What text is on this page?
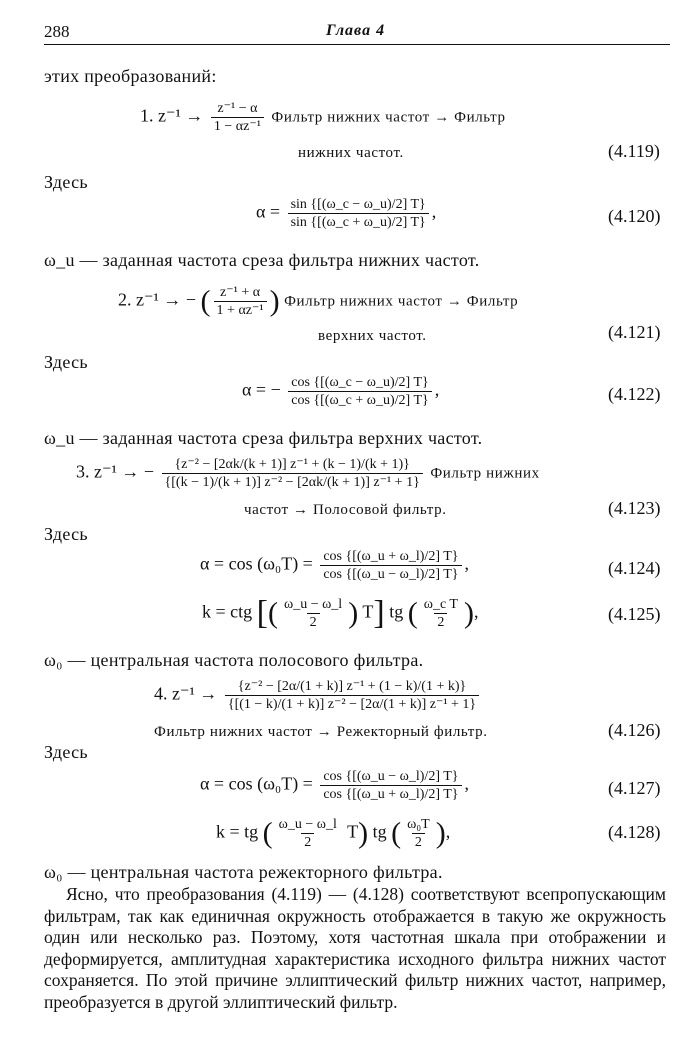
288	Глава 4
этих преобразований:
1. $z^{-1} \to \frac{\text{z⁻¹ − α}}{\text{1 − αz⁻¹}}$ Фильтр нижних частот → Фильтр
нижних частот.	(4.119)
Здесь
$\alpha = \frac{\sin \{[(\omega\_c - \omega\_u)/2] T\}}{\sin \{[(\omega\_c + \omega\_u)/2] T\}}$ ,	(4.120)
ω_u — заданная частота среза фильтра нижних частот.
2. z⁻¹ → − ( $\frac{\text{z⁻¹ + α}}{\text{1 + αz⁻¹}}$ ) Фильтр нижних частот → Фильтр
верхних частот.	(4.121)
Здесь
α = − $\frac{\cos \{[(\omega\_c - \omega\_u)/2] T\}}{\cos \{[(\omega\_c + \omega\_u)/2] T\}}$ ,	(4.122)
ω_u — заданная частота среза фильтра верхних частот.
3. z⁻¹ → − $\frac{\text{\{z⁻² − [2αk/(k + 1)] z⁻¹ + (k − 1)/(k + 1)\}}}{\text{\{[(k − 1)/(k + 1)] z⁻² − [2αk/(k + 1)] z⁻¹ + 1\}}}$ Фильтр нижних
частот → Полосовой фильтр.	(4.123)
Здесь
$\alpha = \cos (\omega_0T) = \frac{\cos \{[(\omega\_u + \omega\_l)/2] T\}}{\cos \{[(\omega\_u - \omega\_l)/2] T\}}$ ,	(4.124)
k = ctg [( $\frac{\omega\_u - \omega\_l}{2}$ ) T] tg ( $\frac{\text{ω\_c T}}{2}$ ),	(4.125)
ω₀ — центральная частота полосового фильтра.
4. $z^{-1} \to \frac{\text{\{z⁻² − [2α/(1 + k)] z⁻¹ + (1 − k)/(1 + k)\}}}{\text{\{[(1 − k)/(1 + k)] z⁻² − [2α/(1 + k)] z⁻¹ + 1\}}}$
Фильтр нижних частот → Режекторный фильтр.	(4.126)
Здесь
$\alpha = \cos (\omega_0T) = \frac{\cos \{[(\omega\_u - \omega\_l)/2] T\}}{\cos \{[(\omega\_u + \omega\_l)/2] T\}}$ ,	(4.127)
k = tg ( $\frac{\omega\_u - \omega\_l}{2} T$) tg ( $\frac{\text{ω₀T}}{2}$ ),	(4.128)
ω₀ — центральная частота режекторного фильтра.

Ясно, что преобразования (4.119) — (4.128) соответствуют всепропускающим фильтрам, так как единичная окружность отображается в такую же окружность один или несколько раз. Поэтому, хотя частотная шкала при отображении и деформируется, амплитудная характеристика исходного фильтра нижних частот сохраняется. По этой причине эллиптический фильтр нижних частот, например, преобразуется в другой эллиптический фильтр.
